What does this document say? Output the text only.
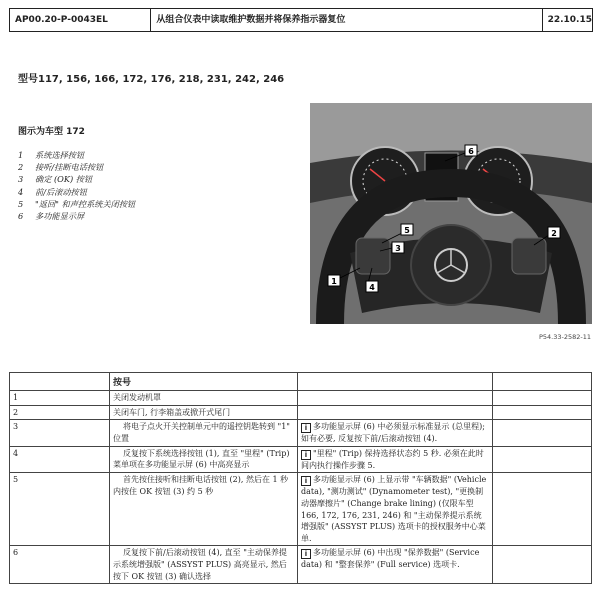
AP00.20-P-0043EL	从组合仪表中读取维护数据并将保养指示器复位	22.10.15
型号117, 156, 166, 172, 176, 218, 231, 242, 246
图示为车型 172
1 系统选择按钮
2 接听/挂断电话按钮
3 确定 (OK) 按钮
4 前/后滚动按钮
5 "返回" 和声控系统关闭按钮
6 多功能显示屏
57.8
88
6
5
3
4
1
2
P54.33-2582-11
	按号		
1	关闭发动机罩		
2	关闭车门, 行李箱盖或掀开式尾门		
3	将电子点火开关控制单元中的遥控钥匙转到 "1" 位置	i 多功能显示屏 (6) 中必须显示标准显示 (总里程); 如有必要, 反复按下前/后滚动按钮 (4).	
4	反复按下系统选择按钮 (1), 直至 "里程" (Trip) 菜单项在多功能显示屏 (6) 中高亮显示	i "里程" (Trip) 保持选择状态约 5 秒. 必须在此时间内执行操作步骤 5.	
5	首先按住接听和挂断电话按钮 (2), 然后在 1 秒内按住 OK 按钮 (3) 约 5 秒	i 多功能显示屏 (6) 上显示带 "车辆数据" (Vehicle data), "测功测试" (Dynamometer test), "更换制动器摩擦片" (Change brake lining) (仅限车型 166, 172, 176, 231, 246) 和 "主动保养提示系统增强版" (ASSYST PLUS) 选项卡的授权服务中心菜单.	
6	反复按下前/后滚动按钮 (4), 直至 "主动保养提示系统增强版" (ASSYST PLUS) 高亮显示, 然后按下 OK 按钮 (3) 确认选择	i 多功能显示屏 (6) 中出现 "保养数据" (Service data) 和 "整套保养" (Full service) 选项卡.	
